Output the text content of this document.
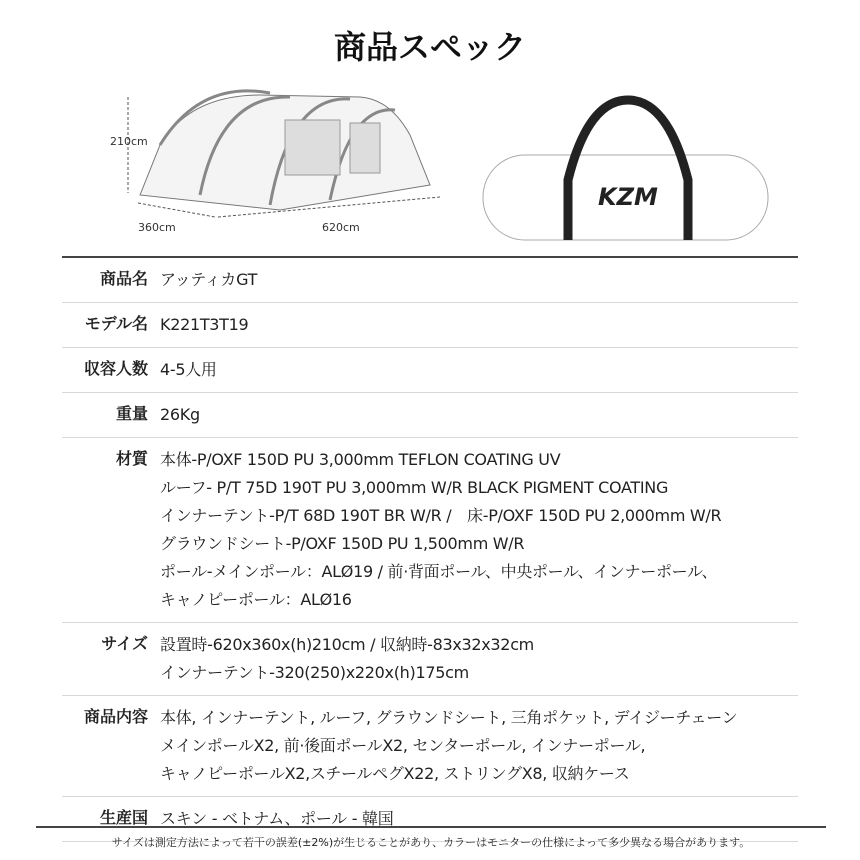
商品スペック
210cm
360cm	620cm
KZM
商品名 アッティカGT
モデル名 K221T3T19
収容人数 4-5人用
重量 26Kg
材質 本体-P/OXF 150D PU 3,000mm TEFLON COATING UV
ルーフ- P/T 75D 190T PU 3,000mm W/R BLACK PIGMENT COATING
インナーテント-P/T 68D 190T BR W/R /　床-P/OXF 150D PU 2,000mm W/R
グラウンドシート-P/OXF 150D PU 1,500mm W/R
ポール-メインポール：ALØ19 / 前·背面ポール、中央ポール、インナーポール、
キャノピーポール：ALØ16
サイズ 設置時-620x360x(h)210cm / 収納時-83x32x32cm
インナーテント-320(250)x220x(h)175cm
商品内容 本体, インナーテント, ルーフ, グラウンドシート, 三角ポケット, デイジーチェーン
メインポールX2, 前·後面ポールX2, センターポール, インナーポール,
キャノピーポールX2,スチールペグX22, ストリングX8, 収納ケース
生産国 スキン - ベトナム、ポール - 韓国
サイズは測定方法によって若干の誤差(±2%)が生じることがあり、カラーはモニターの仕様によって多少異なる場合があります。
